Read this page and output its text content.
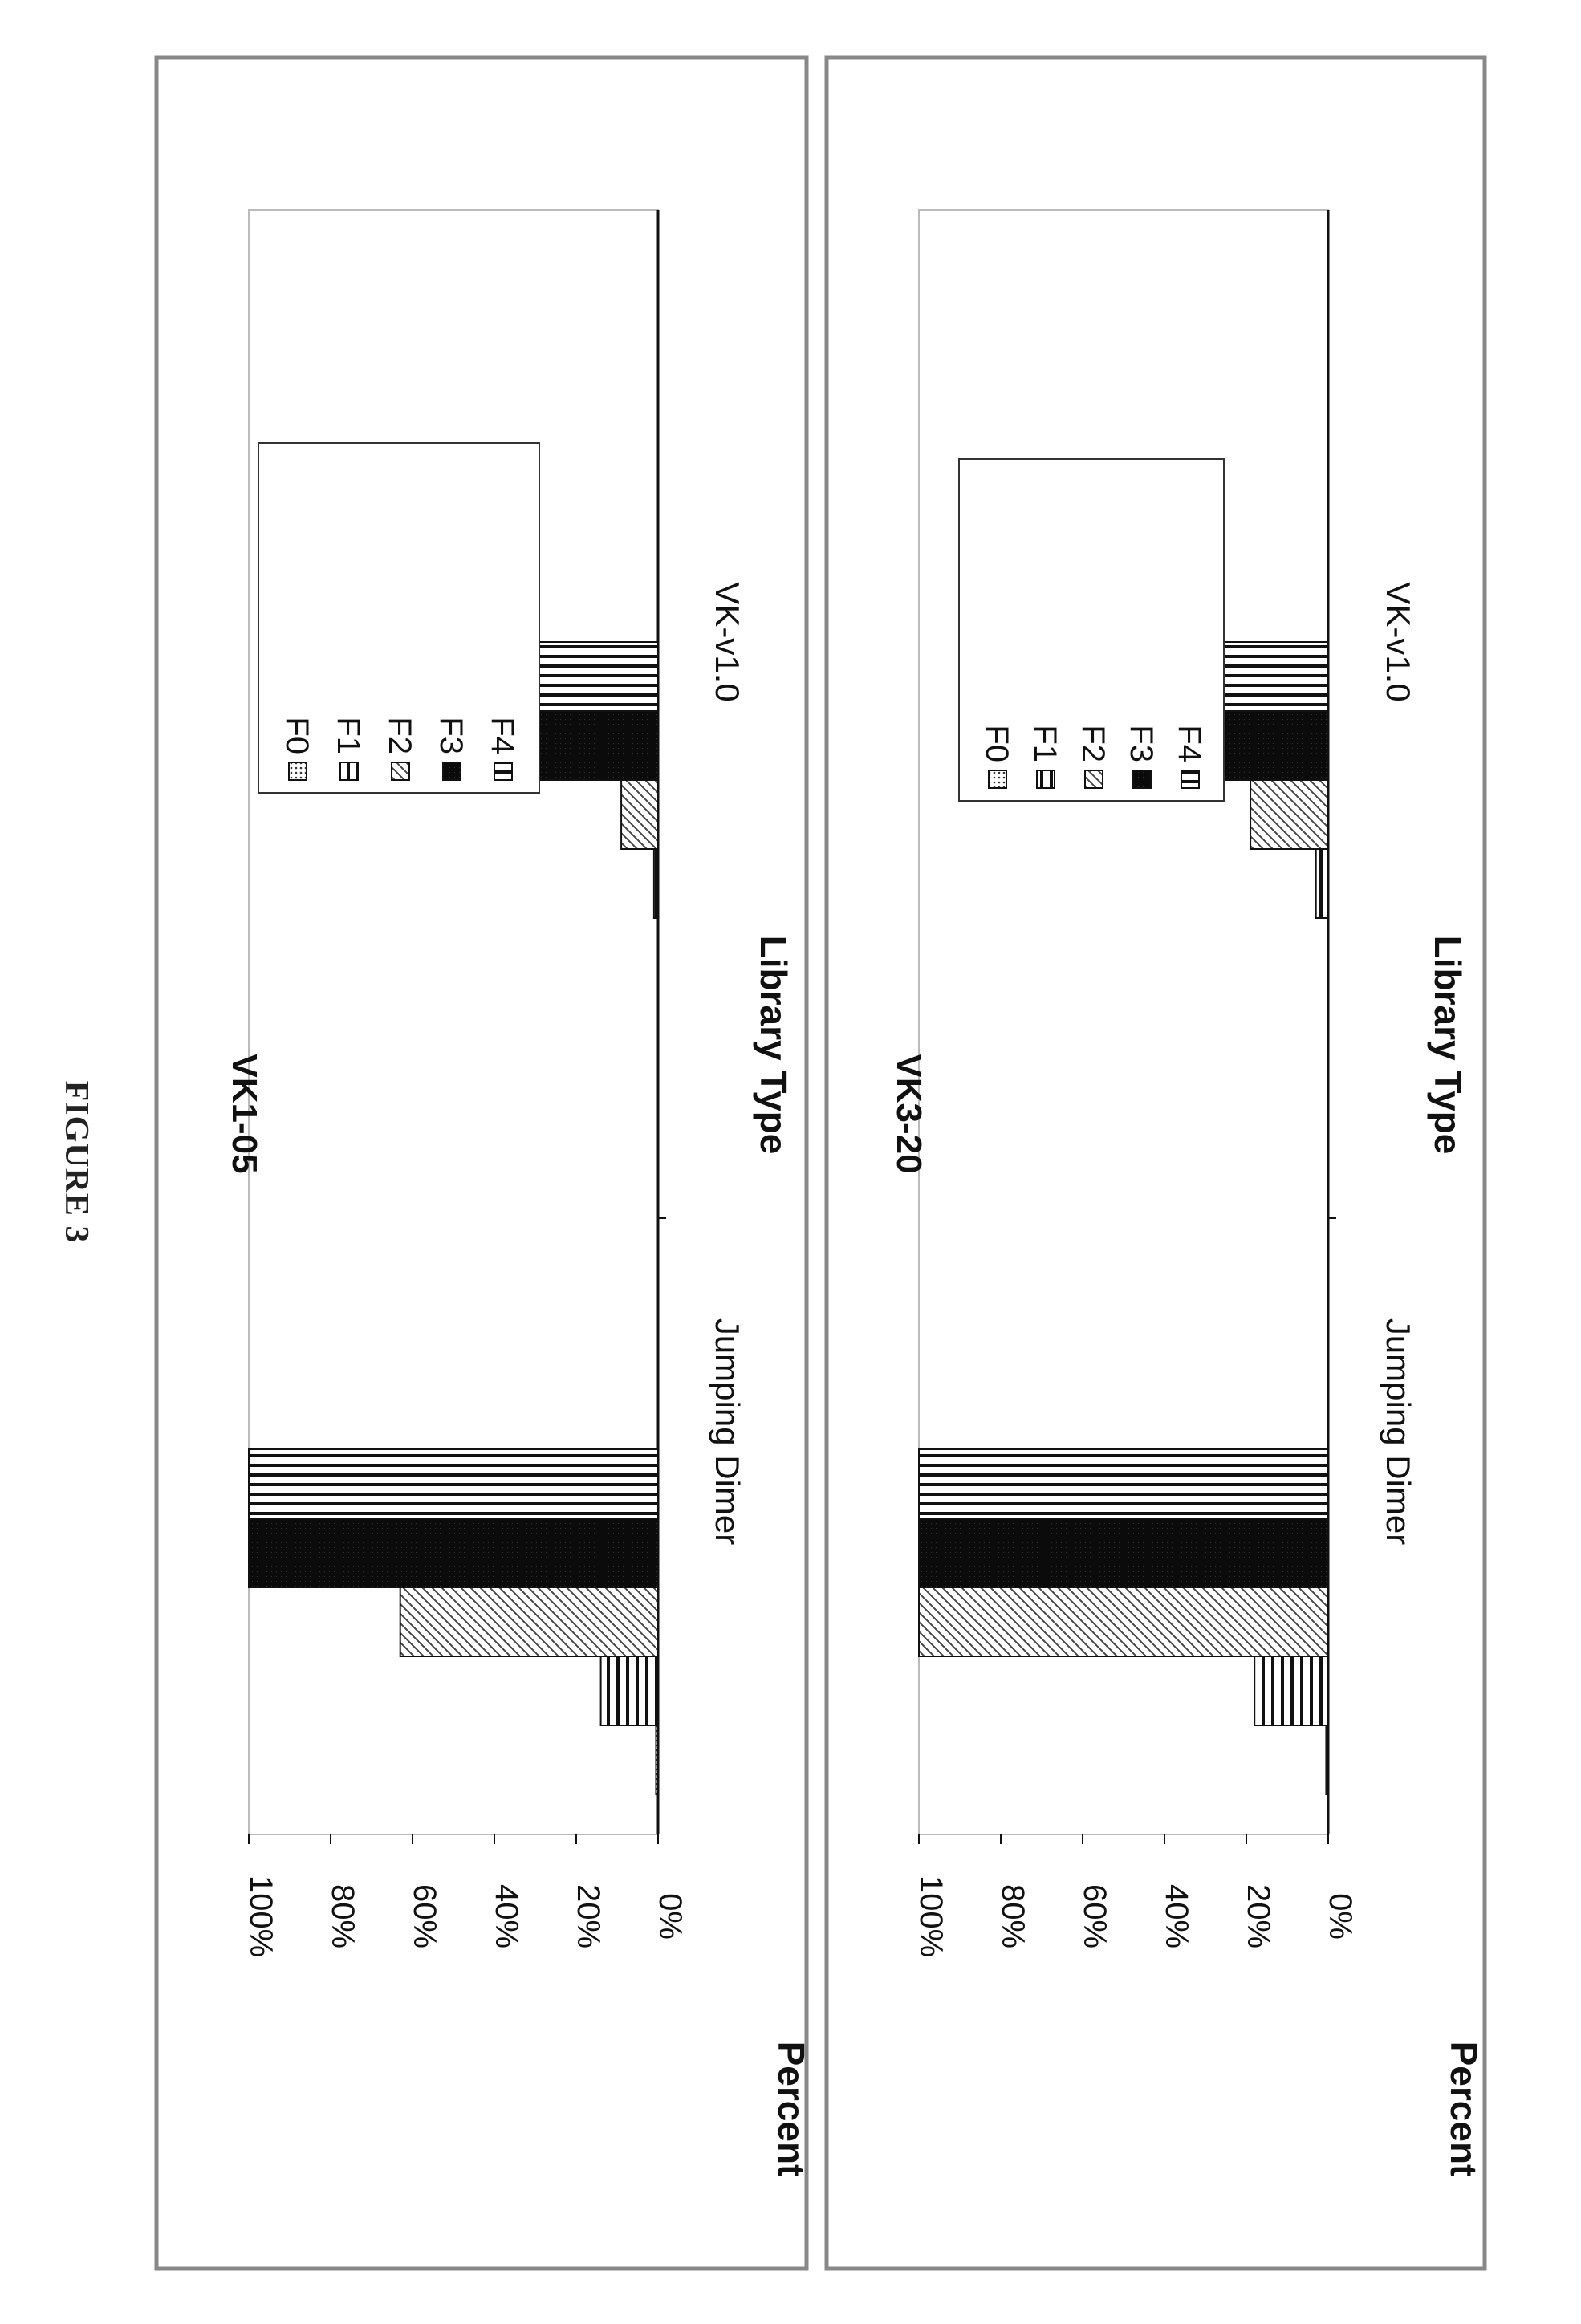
FIGURE 3	VK1-05	Library Type
Percent
Jumping Dimer
VK-v1.0
100% 80% 60% 40% 20% 0%
F0 F1 F2 F3 F4
VK3-20	Library Type
Percent
Jumping Dimer
VK-v1.0
100% 80% 60% 40% 20% 0%
F0 F1 F2 F3 F4
